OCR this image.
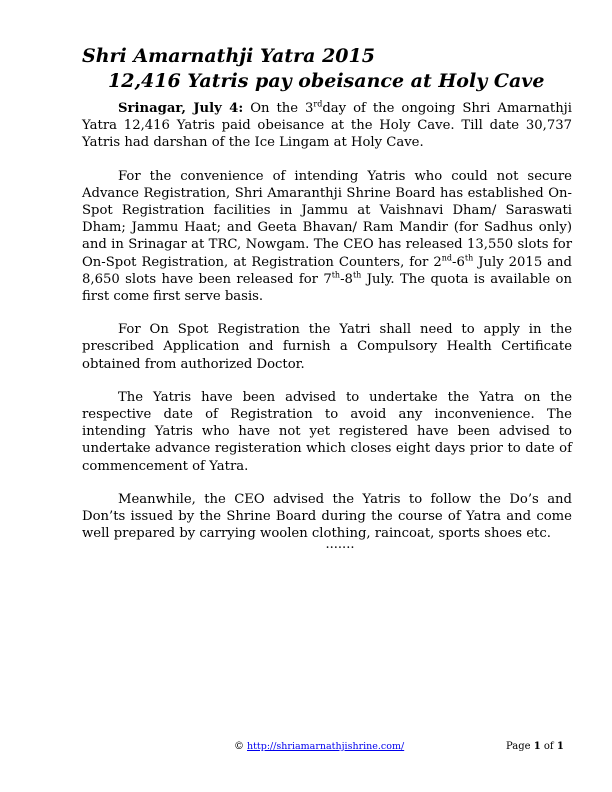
Shri Amarnathji Yatra 2015
12,416 Yatris pay obeisance at Holy Cave

Srinagar, July 4: On the 3rdday of the ongoing Shri Amarnathji Yatra 12,416 Yatris paid obeisance at the Holy Cave. Till date 30,737 Yatris had darshan of the Ice Lingam at Holy Cave.

For the convenience of intending Yatris who could not secure Advance Registration, Shri Amaranthji Shrine Board has established On-Spot Registration facilities in Jammu at Vaishnavi Dham/ Saraswati Dham; Jammu Haat; and Geeta Bhavan/ Ram Mandir (for Sadhus only) and in Srinagar at TRC, Nowgam. The CEO has released 13,550 slots for On-Spot Registration, at Registration Counters, for 2nd-6th July 2015 and 8,650 slots have been released for 7th-8th July. The quota is available on first come first serve basis.

For On Spot Registration the Yatri shall need to apply in the prescribed Application and furnish a Compulsory Health Certificate obtained from authorized Doctor.

The Yatris have been advised to undertake the Yatra on the respective date of Registration to avoid any inconvenience. The intending Yatris who have not yet registered have been advised to undertake advance registeration which closes eight days prior to date of commencement of Yatra.

Meanwhile, the CEO advised the Yatris to follow the Do’s and Don’ts issued by the Shrine Board during the course of Yatra and come well prepared by carrying woolen clothing, raincoat, sports shoes etc.

.......
© http://shriamarnathjishrine.com/	Page 1 of 1
